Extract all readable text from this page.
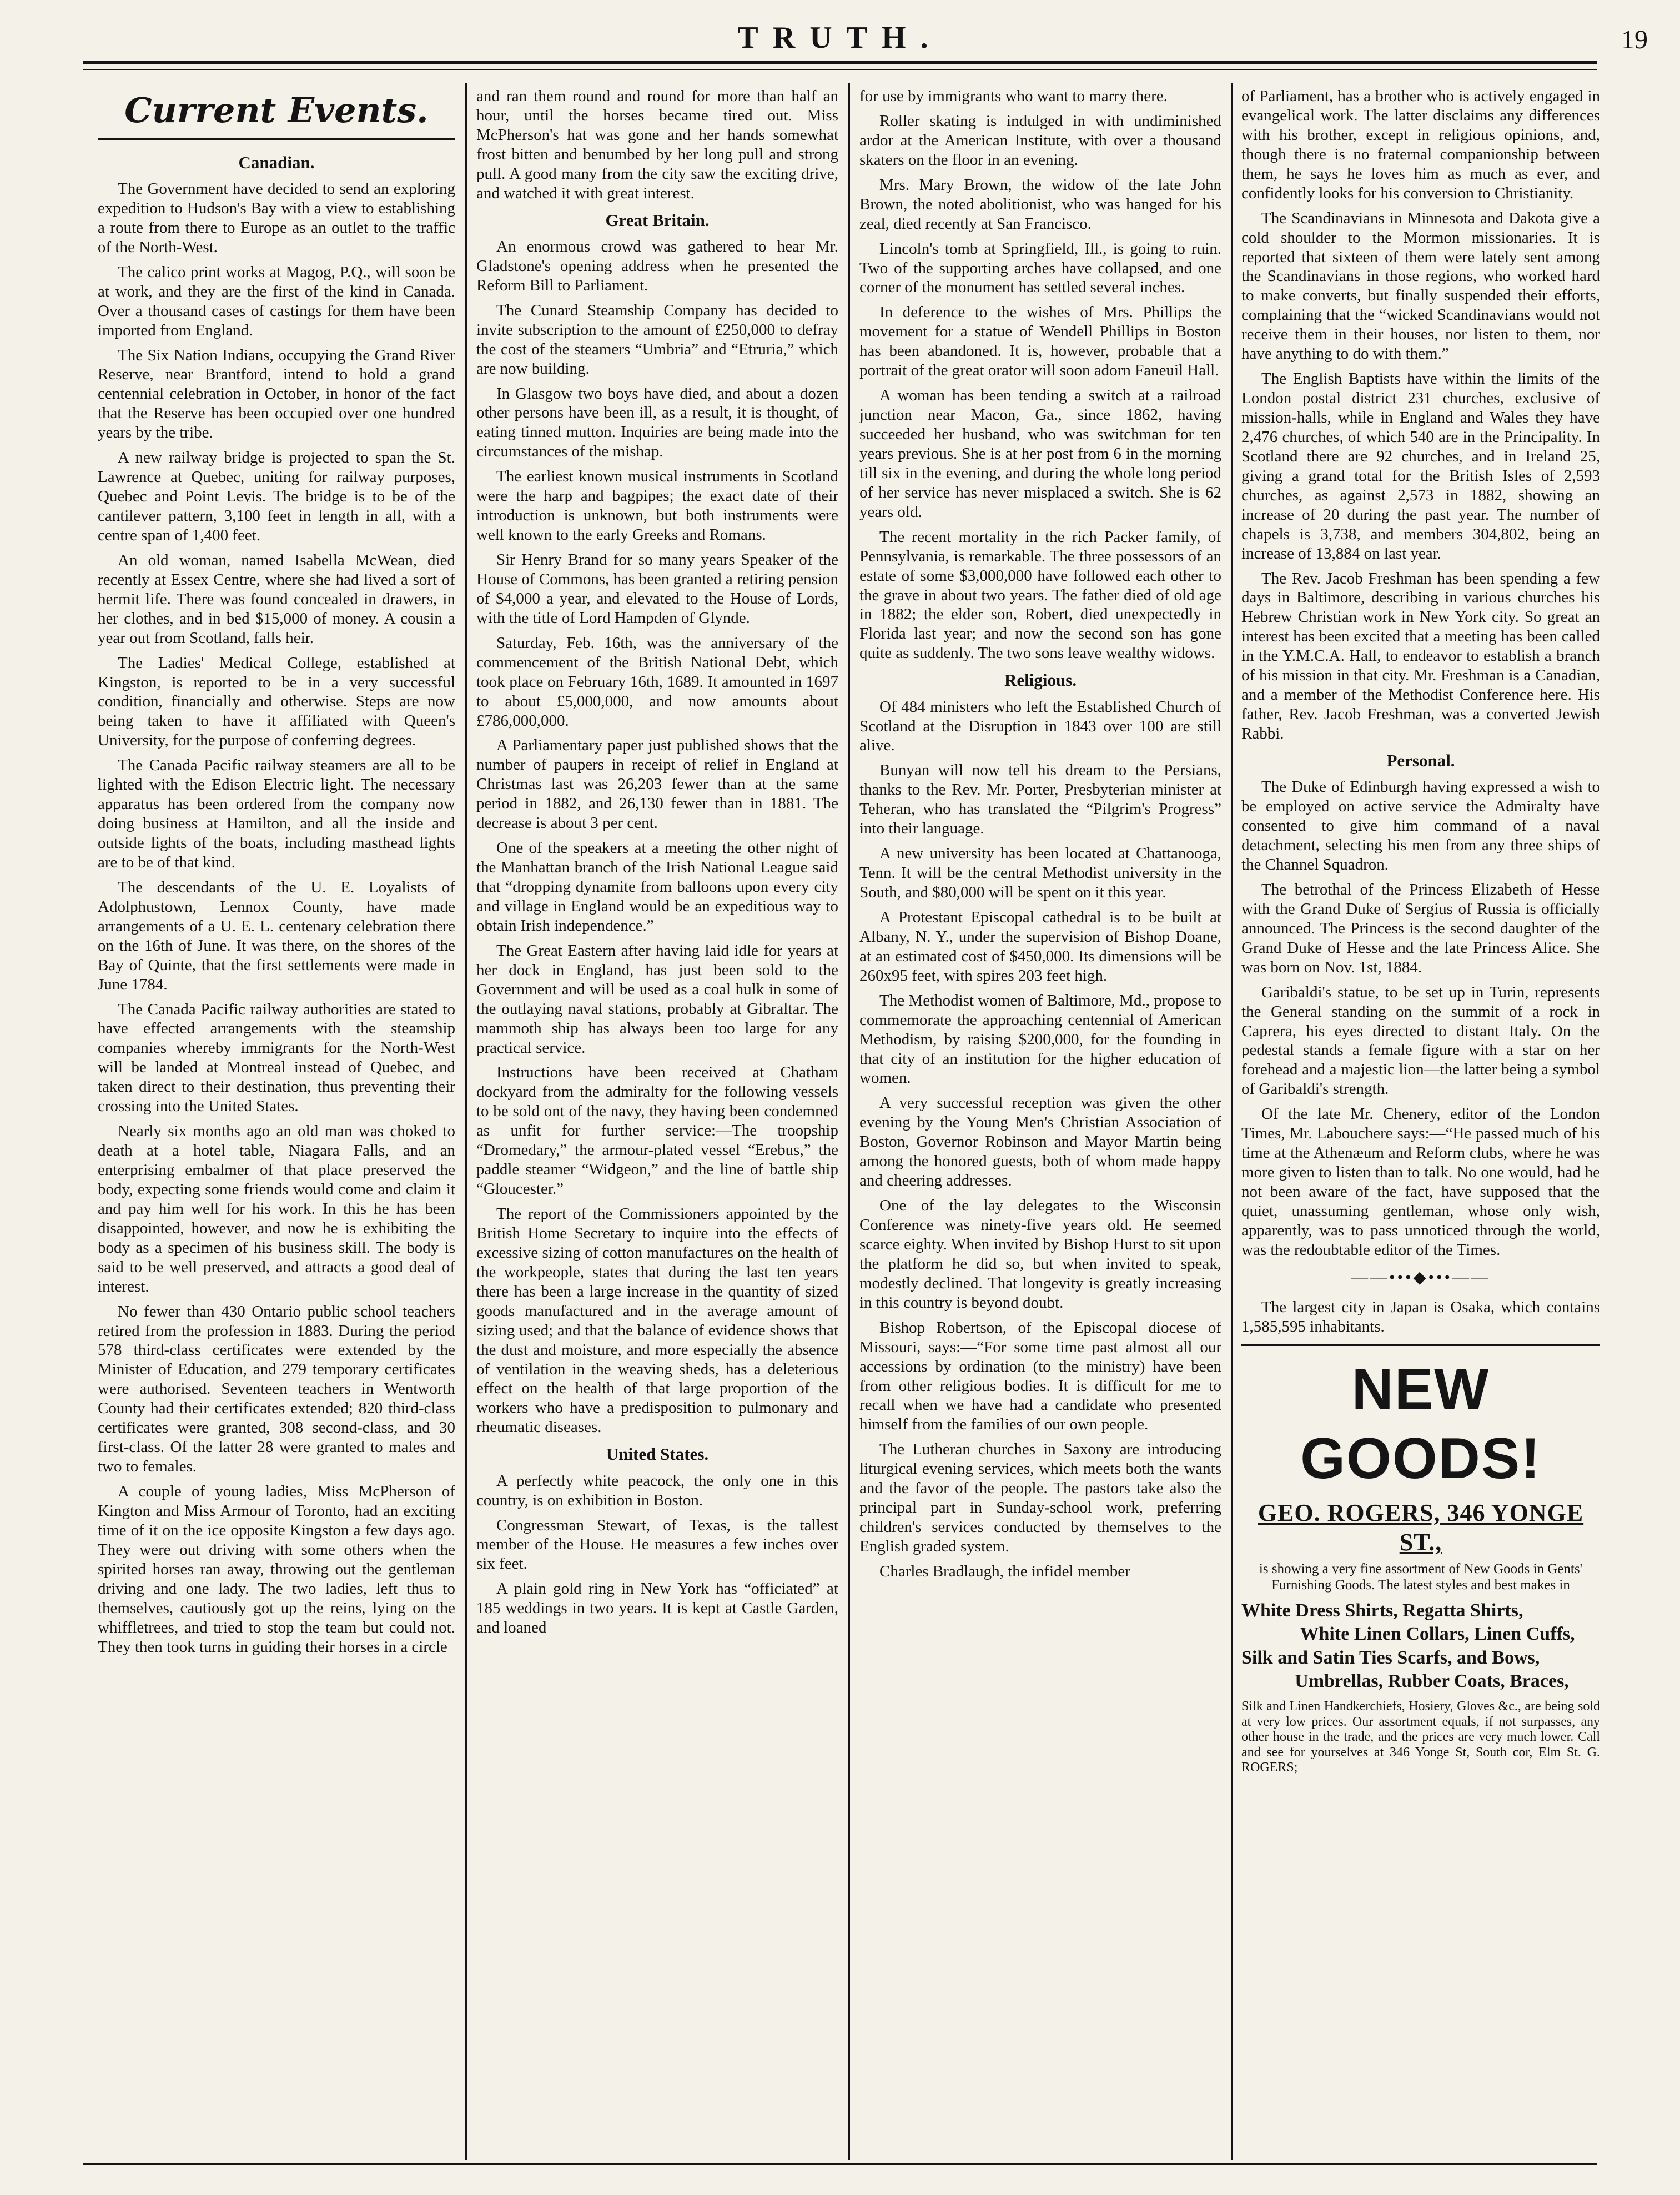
TRUTH.	19
Current Events.
Canadian.

The Government have decided to send an exploring expedition to Hudson's Bay with a view to establishing a route from there to Europe as an outlet to the traffic of the North-West.

The calico print works at Magog, P.Q., will soon be at work, and they are the first of the kind in Canada. Over a thousand cases of castings for them have been imported from England.

The Six Nation Indians, occupying the Grand River Reserve, near Brantford, intend to hold a grand centennial celebration in October, in honor of the fact that the Reserve has been occupied over one hundred years by the tribe.

A new railway bridge is projected to span the St. Lawrence at Quebec, uniting for railway purposes, Quebec and Point Levis. The bridge is to be of the cantilever pattern, 3,100 feet in length in all, with a centre span of 1,400 feet.

An old woman, named Isabella McWean, died recently at Essex Centre, where she had lived a sort of hermit life. There was found concealed in drawers, in her clothes, and in bed $15,000 of money. A cousin a year out from Scotland, falls heir.

The Ladies' Medical College, established at Kingston, is reported to be in a very successful condition, financially and otherwise. Steps are now being taken to have it affiliated with Queen's University, for the purpose of conferring degrees.

The Canada Pacific railway steamers are all to be lighted with the Edison Electric light. The necessary apparatus has been ordered from the company now doing business at Hamilton, and all the inside and outside lights of the boats, including masthead lights are to be of that kind.

The descendants of the U. E. Loyalists of Adolphustown, Lennox County, have made arrangements of a U. E. L. centenary celebration there on the 16th of June. It was there, on the shores of the Bay of Quinte, that the first settlements were made in June 1784.

The Canada Pacific railway authorities are stated to have effected arrangements with the steamship companies whereby immigrants for the North-West will be landed at Montreal instead of Quebec, and taken direct to their destination, thus preventing their crossing into the United States.

Nearly six months ago an old man was choked to death at a hotel table, Niagara Falls, and an enterprising embalmer of that place preserved the body, expecting some friends would come and claim it and pay him well for his work. In this he has been disappointed, however, and now he is exhibiting the body as a specimen of his business skill. The body is said to be well preserved, and attracts a good deal of interest.

No fewer than 430 Ontario public school teachers retired from the profession in 1883. During the period 578 third-class certificates were extended by the Minister of Education, and 279 temporary certificates were authorised. Seventeen teachers in Wentworth County had their certificates extended; 820 third-class certificates were granted, 308 second-class, and 30 first-class. Of the latter 28 were granted to males and two to females.

A couple of young ladies, Miss McPherson of Kington and Miss Armour of Toronto, had an exciting time of it on the ice opposite Kingston a few days ago. They were out driving with some others when the spirited horses ran away, throwing out the gentleman driving and one lady. The two ladies, left thus to themselves, cautiously got up the reins, lying on the whiffletrees, and tried to stop the team but could not. They then took turns in guiding their horses in a circle

and ran them round and round for more than half an hour, until the horses became tired out. Miss McPherson's hat was gone and her hands somewhat frost bitten and benumbed by her long pull and strong pull. A good many from the city saw the exciting drive, and watched it with great interest.

Great Britain.

An enormous crowd was gathered to hear Mr. Gladstone's opening address when he presented the Reform Bill to Parliament.

The Cunard Steamship Company has decided to invite subscription to the amount of £250,000 to defray the cost of the steamers “Umbria” and “Etruria,” which are now building.

In Glasgow two boys have died, and about a dozen other persons have been ill, as a result, it is thought, of eating tinned mutton. Inquiries are being made into the circumstances of the mishap.

The earliest known musical instruments in Scotland were the harp and bagpipes; the exact date of their introduction is unknown, but both instruments were well known to the early Greeks and Romans.

Sir Henry Brand for so many years Speaker of the House of Commons, has been granted a retiring pension of $4,000 a year, and elevated to the House of Lords, with the title of Lord Hampden of Glynde.

Saturday, Feb. 16th, was the anniversary of the commencement of the British National Debt, which took place on February 16th, 1689. It amounted in 1697 to about £5,000,000, and now amounts about £786,000,000.

A Parliamentary paper just published shows that the number of paupers in receipt of relief in England at Christmas last was 26,203 fewer than at the same period in 1882, and 26,130 fewer than in 1881. The decrease is about 3 per cent.

One of the speakers at a meeting the other night of the Manhattan branch of the Irish National League said that “dropping dynamite from balloons upon every city and village in England would be an expeditious way to obtain Irish independence.”

The Great Eastern after having laid idle for years at her dock in England, has just been sold to the Government and will be used as a coal hulk in some of the outlaying naval stations, probably at Gibraltar. The mammoth ship has always been too large for any practical service.

Instructions have been received at Chatham dockyard from the admiralty for the following vessels to be sold ont of the navy, they having been condemned as unfit for further service:—The troopship “Dromedary,” the armour-plated vessel “Erebus,” the paddle steamer “Widgeon,” and the line of battle ship “Gloucester.”

The report of the Commissioners appointed by the British Home Secretary to inquire into the effects of excessive sizing of cotton manufactures on the health of the workpeople, states that during the last ten years there has been a large increase in the quantity of sized goods manufactured and in the average amount of sizing used; and that the balance of evidence shows that the dust and moisture, and more especially the absence of ventilation in the weaving sheds, has a deleterious effect on the health of that large proportion of the workers who have a predisposition to pulmonary and rheumatic diseases.

United States.

A perfectly white peacock, the only one in this country, is on exhibition in Boston.

Congressman Stewart, of Texas, is the tallest member of the House. He measures a few inches over six feet.

A plain gold ring in New York has “officiated” at 185 weddings in two years. It is kept at Castle Garden, and loaned

for use by immigrants who want to marry there.

Roller skating is indulged in with undiminished ardor at the American Institute, with over a thousand skaters on the floor in an evening.

Mrs. Mary Brown, the widow of the late John Brown, the noted abolitionist, who was hanged for his zeal, died recently at San Francisco.

Lincoln's tomb at Springfield, Ill., is going to ruin. Two of the supporting arches have collapsed, and one corner of the monument has settled several inches.

In deference to the wishes of Mrs. Phillips the movement for a statue of Wendell Phillips in Boston has been abandoned. It is, however, probable that a portrait of the great orator will soon adorn Faneuil Hall.

A woman has been tending a switch at a railroad junction near Macon, Ga., since 1862, having succeeded her husband, who was switchman for ten years previous. She is at her post from 6 in the morning till six in the evening, and during the whole long period of her service has never misplaced a switch. She is 62 years old.

The recent mortality in the rich Packer family, of Pennsylvania, is remarkable. The three possessors of an estate of some $3,000,000 have followed each other to the grave in about two years. The father died of old age in 1882; the elder son, Robert, died unexpectedly in Florida last year; and now the second son has gone quite as suddenly. The two sons leave wealthy widows.

Religious.

Of 484 ministers who left the Established Church of Scotland at the Disruption in 1843 over 100 are still alive.

Bunyan will now tell his dream to the Persians, thanks to the Rev. Mr. Porter, Presbyterian minister at Teheran, who has translated the “Pilgrim's Progress” into their language.

A new university has been located at Chattanooga, Tenn. It will be the central Methodist university in the South, and $80,000 will be spent on it this year.

A Protestant Episcopal cathedral is to be built at Albany, N. Y., under the supervision of Bishop Doane, at an estimated cost of $450,000. Its dimensions will be 260x95 feet, with spires 203 feet high.

The Methodist women of Baltimore, Md., propose to commemorate the approaching centennial of American Methodism, by raising $200,000, for the founding in that city of an institution for the higher education of women.

A very successful reception was given the other evening by the Young Men's Christian Association of Boston, Governor Robinson and Mayor Martin being among the honored guests, both of whom made happy and cheering addresses.

One of the lay delegates to the Wisconsin Conference was ninety-five years old. He seemed scarce eighty. When invited by Bishop Hurst to sit upon the platform he did so, but when invited to speak, modestly declined. That longevity is greatly increasing in this country is beyond doubt.

Bishop Robertson, of the Episcopal diocese of Missouri, says:—“For some time past almost all our accessions by ordination (to the ministry) have been from other religious bodies. It is difficult for me to recall when we have had a candidate who presented himself from the families of our own people.

The Lutheran churches in Saxony are introducing liturgical evening services, which meets both the wants and the favor of the people. The pastors take also the principal part in Sunday-school work, preferring children's services conducted by themselves to the English graded system.

Charles Bradlaugh, the infidel member

of Parliament, has a brother who is actively engaged in evangelical work. The latter disclaims any differences with his brother, except in religious opinions, and, though there is no fraternal companionship between them, he says he loves him as much as ever, and confidently looks for his conversion to Christianity.

The Scandinavians in Minnesota and Dakota give a cold shoulder to the Mormon missionaries. It is reported that sixteen of them were lately sent among the Scandinavians in those regions, who worked hard to make converts, but finally suspended their efforts, complaining that the “wicked Scandinavians would not receive them in their houses, nor listen to them, nor have anything to do with them.”

The English Baptists have within the limits of the London postal district 231 churches, exclusive of mission-halls, while in England and Wales they have 2,476 churches, of which 540 are in the Principality. In Scotland there are 92 churches, and in Ireland 25, giving a grand total for the British Isles of 2,593 churches, as against 2,573 in 1882, showing an increase of 20 during the past year. The number of chapels is 3,738, and members 304,802, being an increase of 13,884 on last year.

The Rev. Jacob Freshman has been spending a few days in Baltimore, describing in various churches his Hebrew Christian work in New York city. So great an interest has been excited that a meeting has been called in the Y.M.C.A. Hall, to endeavor to establish a branch of his mission in that city. Mr. Freshman is a Canadian, and a member of the Methodist Conference here. His father, Rev. Jacob Freshman, was a converted Jewish Rabbi.

Personal.

The Duke of Edinburgh having expressed a wish to be employed on active service the Admiralty have consented to give him command of a naval detachment, selecting his men from any three ships of the Channel Squadron.

The betrothal of the Princess Elizabeth of Hesse with the Grand Duke of Sergius of Russia is officially announced. The Princess is the second daughter of the Grand Duke of Hesse and the late Princess Alice. She was born on Nov. 1st, 1884.

Garibaldi's statue, to be set up in Turin, represents the General standing on the summit of a rock in Caprera, his eyes directed to distant Italy. On the pedestal stands a female figure with a star on her forehead and a majestic lion—the latter being a symbol of Garibaldi's strength.

Of the late Mr. Chenery, editor of the London Times, Mr. Labouchere says:—“He passed much of his time at the Athenæum and Reform clubs, where he was more given to listen than to talk. No one would, had he not been aware of the fact, have supposed that the quiet, unassuming gentleman, whose only wish, apparently, was to pass unnoticed through the world, was the redoubtable editor of the Times.

——•••◆•••——

The largest city in Japan is Osaka, which contains 1,585,595 inhabitants.

NEW GOODS!
GEO. ROGERS, 346 YONGE ST.,
is showing a very fine assortment of New Goods in Gents' Furnishing Goods. The latest styles and best makes in
White Dress Shirts, Regatta Shirts,
White Linen Collars, Linen Cuffs,
Silk and Satin Ties Scarfs, and Bows,
Umbrellas, Rubber Coats, Braces,
Silk and Linen Handkerchiefs, Hosiery, Gloves &c., are being sold at very low prices. Our assortment equals, if not surpasses, any other house in the trade, and the prices are very much lower. Call and see for yourselves at 346 Yonge St, South cor, Elm St. G. ROGERS;
